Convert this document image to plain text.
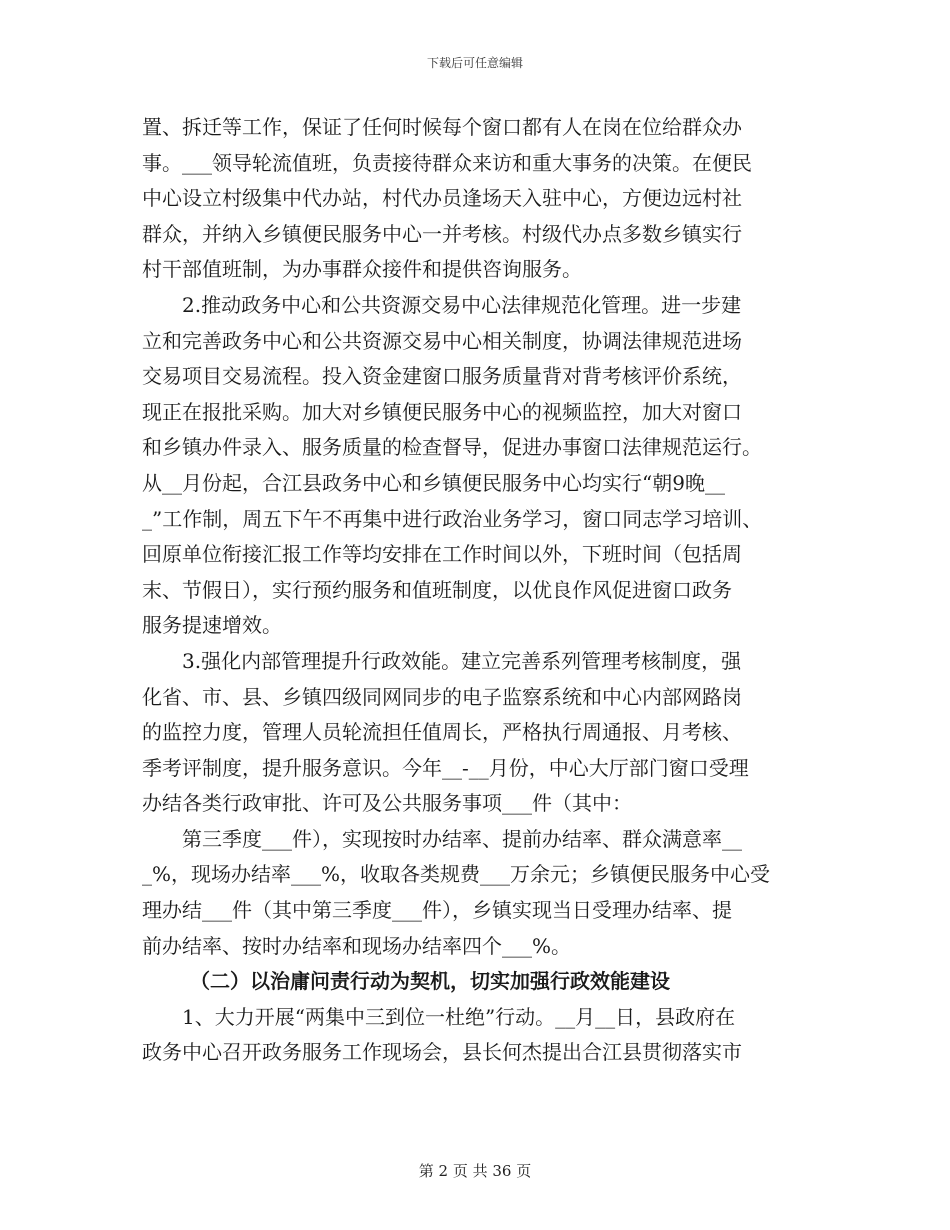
下载后可任意编辑
置、拆迁等工作，保证了任何时候每个窗口都有人在岗在位给群众办
事。___领导轮流值班，负责接待群众来访和重大事务的决策。在便民
中心设立村级集中代办站，村代办员逢场天入驻中心，方便边远村社
群众，并纳入乡镇便民服务中心一并考核。村级代办点多数乡镇实行
村干部值班制，为办事群众接件和提供咨询服务。
2.推动政务中心和公共资源交易中心法律规范化管理。进一步建
立和完善政务中心和公共资源交易中心相关制度，协调法律规范进场
交易项目交易流程。投入资金建窗口服务质量背对背考核评价系统，
现正在报批采购。加大对乡镇便民服务中心的视频监控，加大对窗口
和乡镇办件录入、服务质量的检查督导，促进办事窗口法律规范运行。
从__月份起，合江县政务中心和乡镇便民服务中心均实行“朝9晚__
_”工作制，周五下午不再集中进行政治业务学习，窗口同志学习培训、
回原单位衔接汇报工作等均安排在工作时间以外，下班时间（包括周
末、节假日），实行预约服务和值班制度，以优良作风促进窗口政务
服务提速增效。
3.强化内部管理提升行政效能。建立完善系列管理考核制度，强
化省、市、县、乡镇四级同网同步的电子监察系统和中心内部网路岗
的监控力度，管理人员轮流担任值周长，严格执行周通报、月考核、
季考评制度，提升服务意识。今年__-__月份，中心大厅部门窗口受理
办结各类行政审批、许可及公共服务事项___件（其中：
第三季度___件），实现按时办结率、提前办结率、群众满意率__
_%，现场办结率___%，收取各类规费___万余元；乡镇便民服务中心受
理办结___件（其中第三季度___件），乡镇实现当日受理办结率、提
前办结率、按时办结率和现场办结率四个___%。
（二）以治庸问责行动为契机，切实加强行政效能建设
1、大力开展“两集中三到位一杜绝”行动。__月__日，县政府在
政务中心召开政务服务工作现场会，县长何杰提出合江县贯彻落实市
第 2 页 共 36 页
